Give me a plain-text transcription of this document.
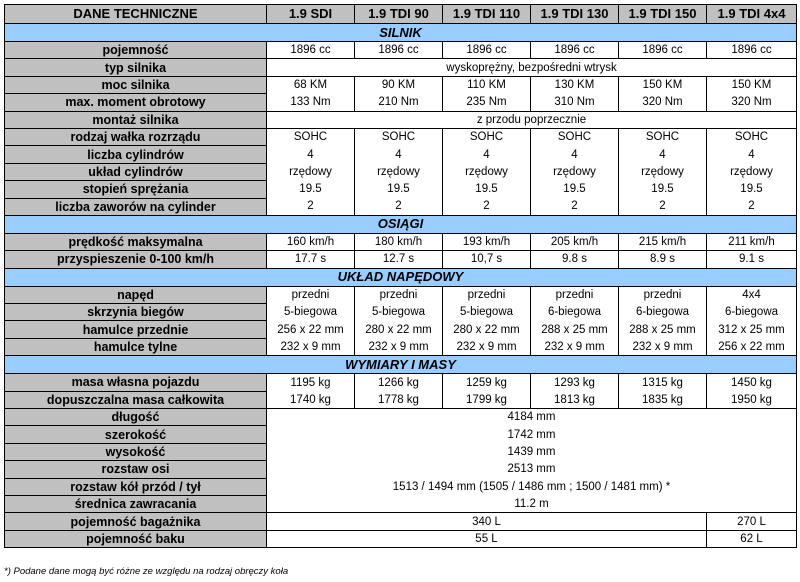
DANE TECHNICZNE	1.9 SDI	1.9 TDI 90	1.9 TDI 110	1.9 TDI 130	1.9 TDI 150	1.9 TDI 4x4
SILNIK						
pojemność	1896 cc	1896 cc	1896 cc	1896 cc	1896 cc	1896 cc
typ silnika	wyskoprężny, bezpośredni wtrysk					
moc silnika	68 KM	90 KM	110 KM	130 KM	150 KM	150 KM
max. moment obrotowy	133 Nm	210 Nm	235 Nm	310 Nm	320 Nm	320 Nm
montaż silnika	z przodu poprzecznie					
rodzaj wałka rozrządu	SOHC	SOHC	SOHC	SOHC	SOHC	SOHC
liczba cylindrów	4	4	4	4	4	4
układ cylindrów	rzędowy	rzędowy	rzędowy	rzędowy	rzędowy	rzędowy
stopień sprężania	19.5	19.5	19.5	19.5	19.5	19.5
liczba zaworów na cylinder	2	2	2	2	2	2
OSIĄGI						
prędkość maksymalna	160 km/h	180 km/h	193 km/h	205 km/h	215 km/h	211 km/h
przyspieszenie 0-100 km/h	17.7 s	12.7 s	10,7 s	9.8 s	8.9 s	9.1 s
UKŁAD NAPĘDOWY						
napęd	przedni	przedni	przedni	przedni	przedni	4x4
skrzynia biegów	5-biegowa	5-biegowa	5-biegowa	6-biegowa	6-biegowa	6-biegowa
hamulce przednie	256 x 22 mm	280 x 22 mm	280 x 22 mm	288 x 25 mm	288 x 25 mm	312 x 25 mm
hamulce tylne	232 x 9 mm	232 x 9 mm	232 x 9 mm	232 x 9 mm	232 x 9 mm	256 x 22 mm
WYMIARY I MASY						
masa własna pojazdu	1195 kg	1266 kg	1259 kg	1293 kg	1315 kg	1450 kg
dopuszczalna masa całkowita	1740 kg	1778 kg	1799 kg	1813 kg	1835 kg	1950 kg
długość	4184 mm					
szerokość	1742 mm					
wysokość	1439 mm					
rozstaw osi	2513 mm					
rozstaw kół przód / tył	1513 / 1494 mm (1505 / 1486 mm ; 1500 / 1481 mm) *					
średnica zawracania	11.2 m					
pojemność bagażnika	340 L					270 L
pojemność baku	55 L					62 L
*) Podane dane mogą być różne ze względu na rodzaj obręczy koła
